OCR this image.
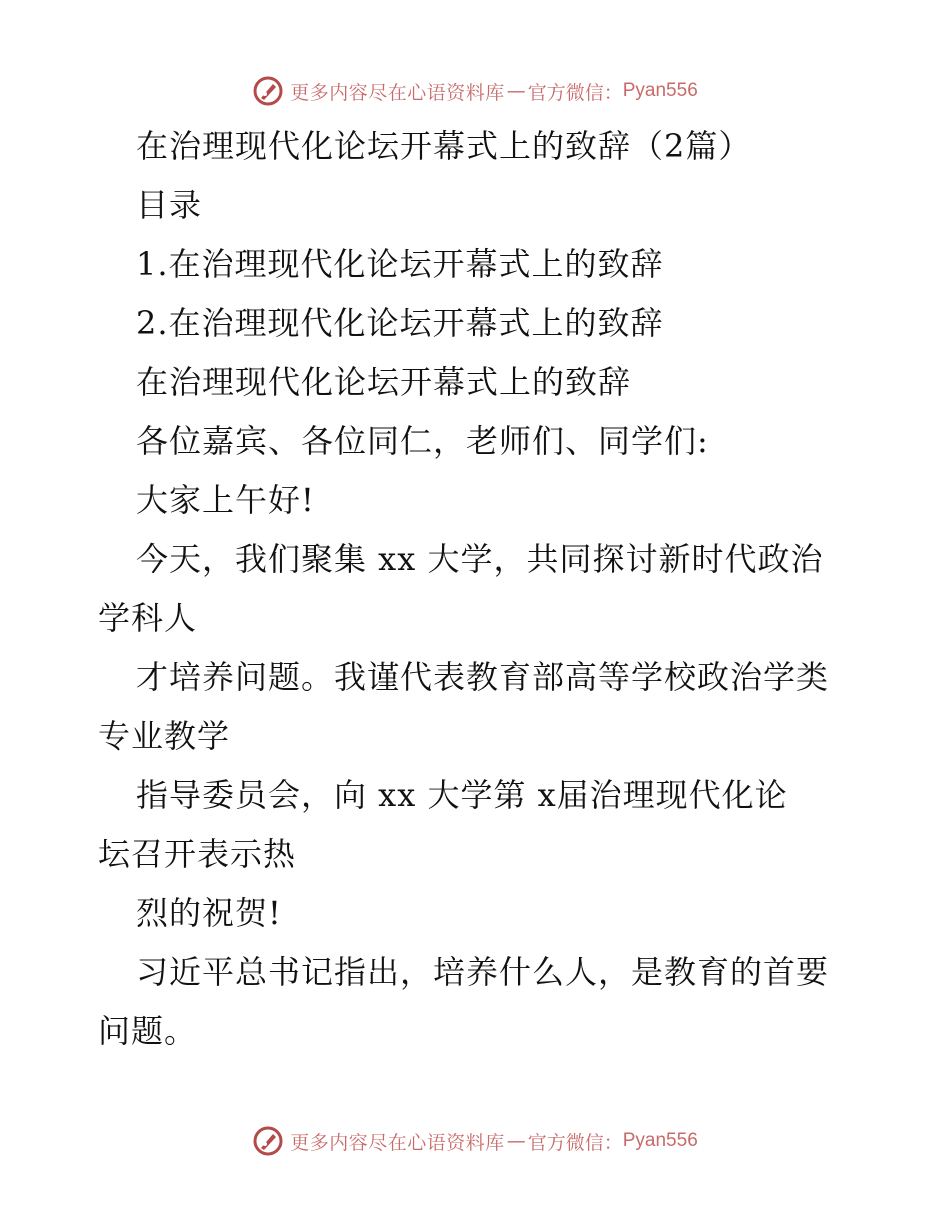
更多内容尽在心语资料库 — 官方微信： Pyan556
在治理现代化论坛开幕式上的致辞（2篇）
目录
1.在治理现代化论坛开幕式上的致辞
2.在治理现代化论坛开幕式上的致辞
在治理现代化论坛开幕式上的致辞
各位嘉宾、各位同仁，老师们、同学们:
大家上午好!
今天，我们聚集 xx 大学，共同探讨新时代政治
学科人
才培养问题。我谨代表教育部高等学校政治学类
专业教学
指导委员会，向 xx 大学第 x届治理现代化论
坛召开表示热
烈的祝贺!
习近平总书记指出，培养什么人，是教育的首要
问题。
更多内容尽在心语资料库 — 官方微信： Pyan556
